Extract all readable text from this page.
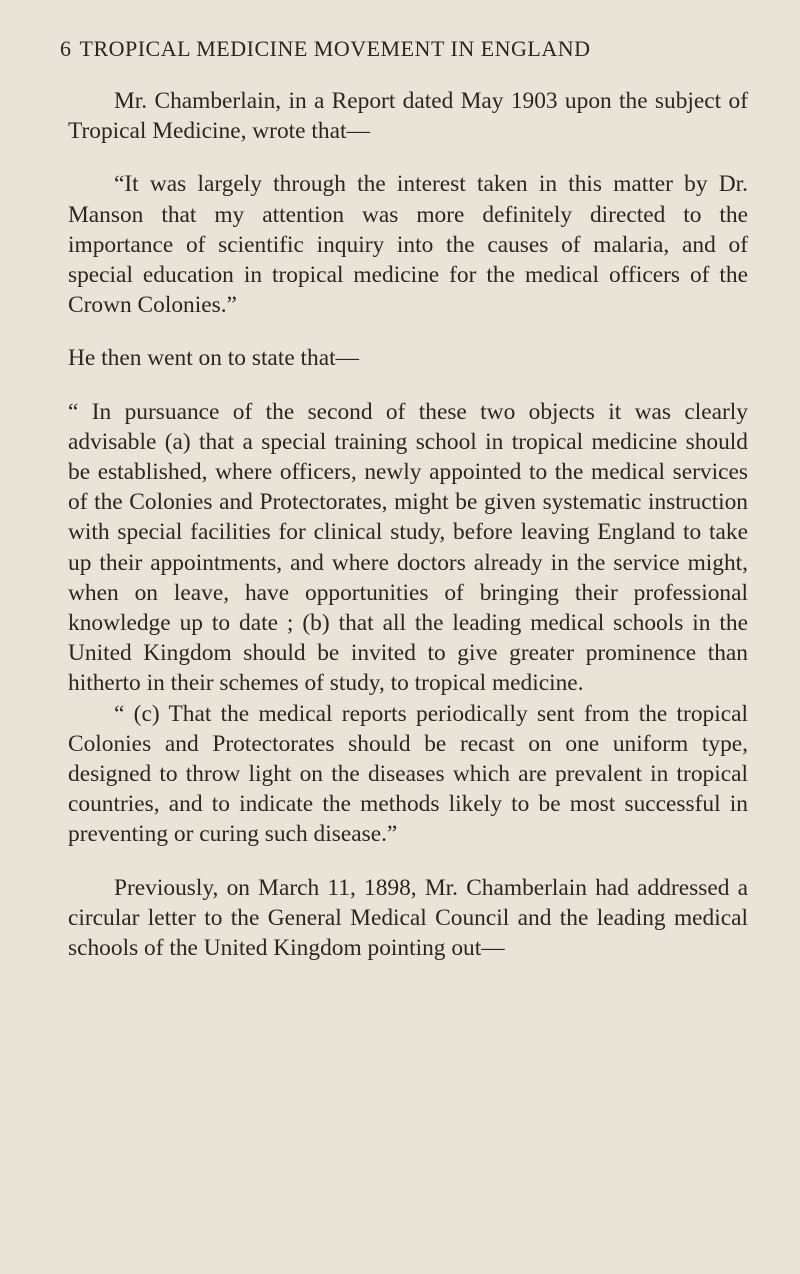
6 TROPICAL MEDICINE MOVEMENT IN ENGLAND

Mr. Chamberlain, in a Report dated May 1903 upon the subject of Tropical Medicine, wrote that—

“It was largely through the interest taken in this matter by Dr. Manson that my attention was more definitely directed to the importance of scientific inquiry into the causes of malaria, and of special education in tropical medicine for the medical officers of the Crown Colonies.”

He then went on to state that—

“ In pursuance of the second of these two objects it was clearly advisable (a) that a special training school in tropical medicine should be established, where officers, newly appointed to the medical services of the Colonies and Protectorates, might be given systematic instruction with special facilities for clinical study, before leaving England to take up their appointments, and where doctors already in the service might, when on leave, have opportunities of bringing their professional knowledge up to date ; (b) that all the leading medical schools in the United Kingdom should be invited to give greater prominence than hitherto in their schemes of study, to tropical medicine.

“ (c) That the medical reports periodically sent from the tropical Colonies and Protectorates should be recast on one uniform type, designed to throw light on the diseases which are prevalent in tropical countries, and to indicate the methods likely to be most successful in preventing or curing such disease.”

Previously, on March 11, 1898, Mr. Chamberlain had addressed a circular letter to the General Medical Council and the leading medical schools of the United Kingdom pointing out—
